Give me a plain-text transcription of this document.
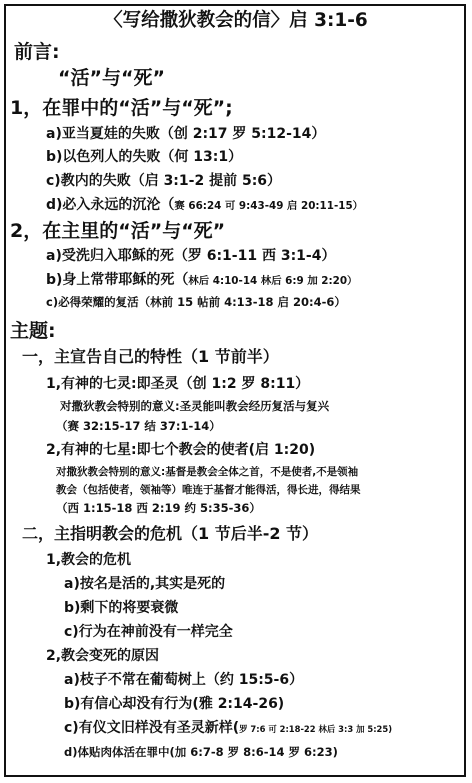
〈写给撒狄教会的信〉启 3:1-6
前言:
“活”与“死”
1，在罪中的“活”与“死”;
a)亚当夏娃的失败（创 2:17 罗 5:12-14）
b)以色列人的失败（何 13:1）
c)教内的失败（启 3:1-2 提前 5:6）
d)必入永远的沉沦（赛 66:24 可 9:43-49 启 20:11-15）
2，在主里的“活”与“死”
a)受洗归入耶稣的死（罗 6:1-11 西 3:1-4）
b)身上常带耶稣的死（林后 4:10-14 林后 6:9 加 2:20）
c)必得荣耀的复活（林前 15 帖前 4:13-18 启 20:4-6）
主题:
一，主宣告自己的特性（1 节前半）
1,有神的七灵:即圣灵（创 1:2 罗 8:11）
对撒狄教会特别的意义:圣灵能叫教会经历复活与复兴
（赛 32:15-17 结 37:1-14）
2,有神的七星:即七个教会的使者(启 1:20)
对撒狄教会特别的意义:基督是教会全体之首，不是使者,不是领袖
教会（包括使者，领袖等）唯连于基督才能得活，得长进，得结果
（西 1:15-18 西 2:19 约 5:35-36）
二，主指明教会的危机（1 节后半-2 节）
1,教会的危机
a)按名是活的,其实是死的
b)剩下的将要衰微
c)行为在神前没有一样完全
2,教会变死的原因
a)枝子不常在葡萄树上（约 15:5-6）
b)有信心却没有行为(雅 2:14-26)
c)有仪文旧样没有圣灵新样(罗 7:6 可 2:18-22 林后 3:3 加 5:25)
d)体贴肉体活在罪中(加 6:7-8 罗 8:6-14 罗 6:23)
